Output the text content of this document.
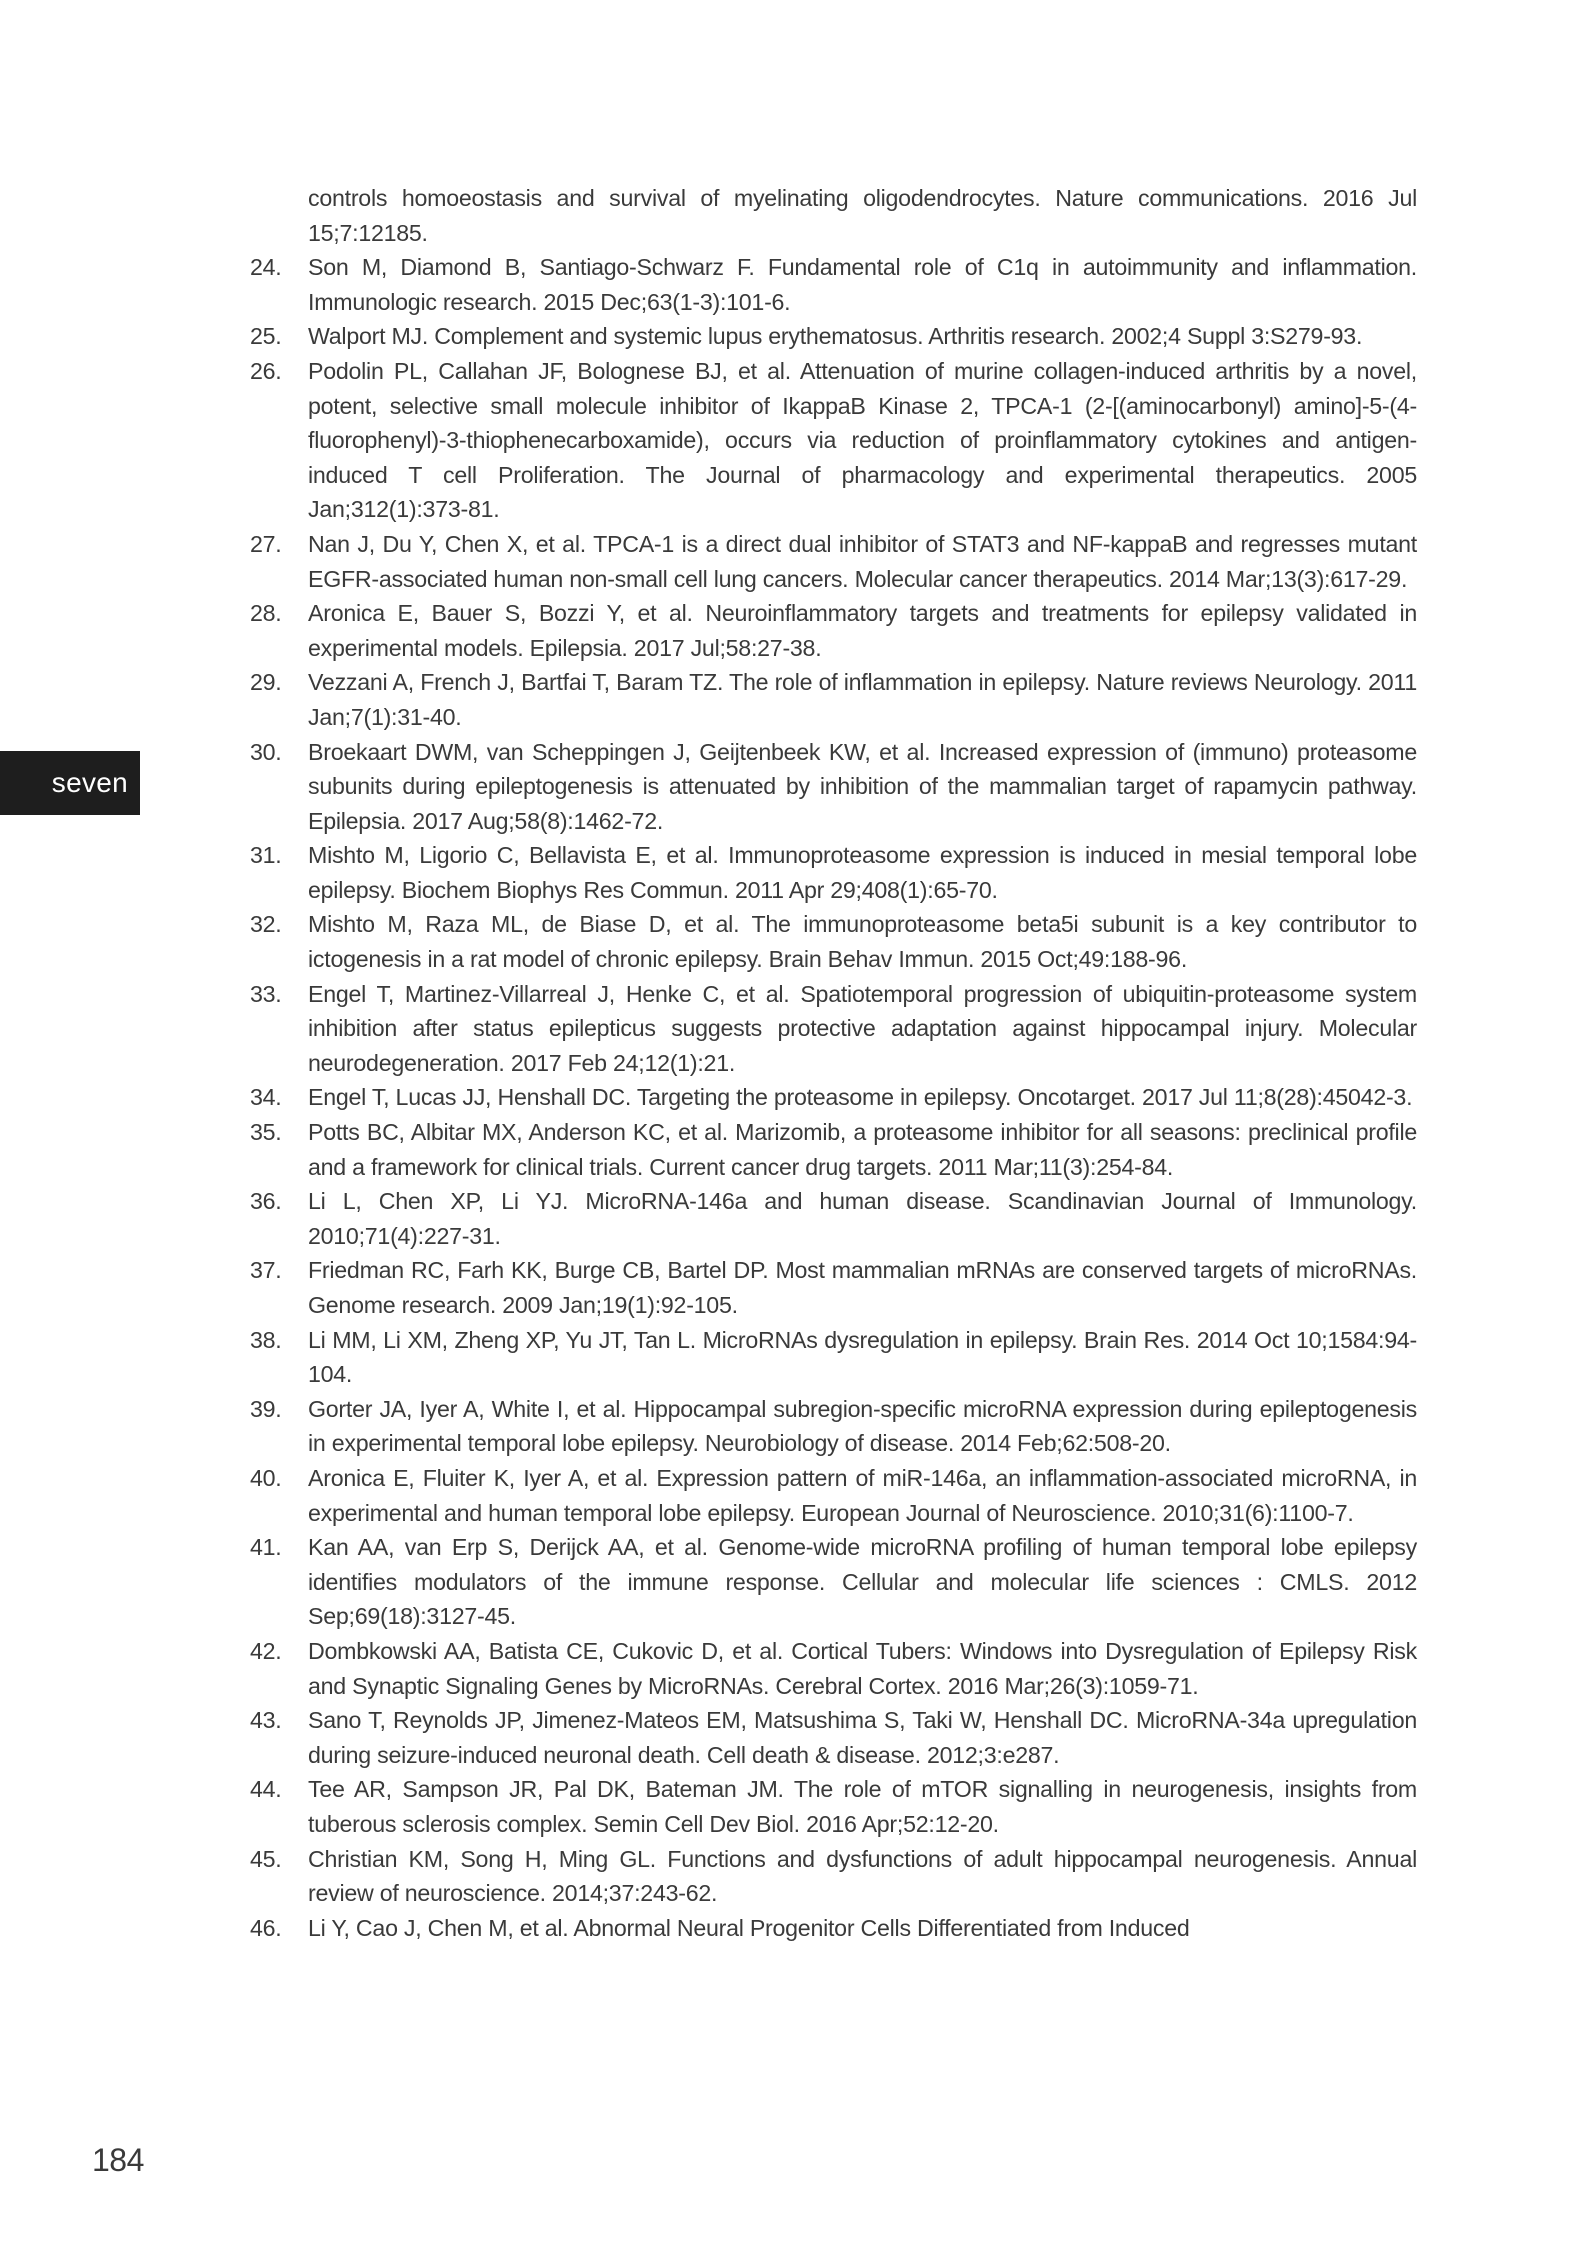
controls homoeostasis and survival of myelinating oligodendrocytes. Nature communications. 2016 Jul 15;7:12185.
24. Son M, Diamond B, Santiago-Schwarz F. Fundamental role of C1q in autoimmunity and inflammation. Immunologic research. 2015 Dec;63(1-3):101-6.
25. Walport MJ. Complement and systemic lupus erythematosus. Arthritis research. 2002;4 Suppl 3:S279-93.
26. Podolin PL, Callahan JF, Bolognese BJ, et al. Attenuation of murine collagen-induced arthritis by a novel, potent, selective small molecule inhibitor of IkappaB Kinase 2, TPCA-1 (2-[(aminocarbonyl) amino]-5-(4-fluorophenyl)-3-thiophenecarboxamide), occurs via reduction of proinflammatory cytokines and antigen-induced T cell Proliferation. The Journal of pharmacology and experimental therapeutics. 2005 Jan;312(1):373-81.
27. Nan J, Du Y, Chen X, et al. TPCA-1 is a direct dual inhibitor of STAT3 and NF-kappaB and regresses mutant EGFR-associated human non-small cell lung cancers. Molecular cancer therapeutics. 2014 Mar;13(3):617-29.
28. Aronica E, Bauer S, Bozzi Y, et al. Neuroinflammatory targets and treatments for epilepsy validated in experimental models. Epilepsia. 2017 Jul;58:27-38.
29. Vezzani A, French J, Bartfai T, Baram TZ. The role of inflammation in epilepsy. Nature reviews Neurology. 2011 Jan;7(1):31-40.
30. Broekaart DWM, van Scheppingen J, Geijtenbeek KW, et al. Increased expression of (immuno) proteasome subunits during epileptogenesis is attenuated by inhibition of the mammalian target of rapamycin pathway. Epilepsia. 2017 Aug;58(8):1462-72.
31. Mishto M, Ligorio C, Bellavista E, et al. Immunoproteasome expression is induced in mesial temporal lobe epilepsy. Biochem Biophys Res Commun. 2011 Apr 29;408(1):65-70.
32. Mishto M, Raza ML, de Biase D, et al. The immunoproteasome beta5i subunit is a key contributor to ictogenesis in a rat model of chronic epilepsy. Brain Behav Immun. 2015 Oct;49:188-96.
33. Engel T, Martinez-Villarreal J, Henke C, et al. Spatiotemporal progression of ubiquitin-proteasome system inhibition after status epilepticus suggests protective adaptation against hippocampal injury. Molecular neurodegeneration. 2017 Feb 24;12(1):21.
34. Engel T, Lucas JJ, Henshall DC. Targeting the proteasome in epilepsy. Oncotarget. 2017 Jul 11;8(28):45042-3.
35. Potts BC, Albitar MX, Anderson KC, et al. Marizomib, a proteasome inhibitor for all seasons: preclinical profile and a framework for clinical trials. Current cancer drug targets. 2011 Mar;11(3):254-84.
36. Li L, Chen XP, Li YJ. MicroRNA-146a and human disease. Scandinavian Journal of Immunology. 2010;71(4):227-31.
37. Friedman RC, Farh KK, Burge CB, Bartel DP. Most mammalian mRNAs are conserved targets of microRNAs. Genome research. 2009 Jan;19(1):92-105.
38. Li MM, Li XM, Zheng XP, Yu JT, Tan L. MicroRNAs dysregulation in epilepsy. Brain Res. 2014 Oct 10;1584:94-104.
39. Gorter JA, Iyer A, White I, et al. Hippocampal subregion-specific microRNA expression during epileptogenesis in experimental temporal lobe epilepsy. Neurobiology of disease. 2014 Feb;62:508-20.
40. Aronica E, Fluiter K, Iyer A, et al. Expression pattern of miR-146a, an inflammation-associated microRNA, in experimental and human temporal lobe epilepsy. European Journal of Neuroscience. 2010;31(6):1100-7.
41. Kan AA, van Erp S, Derijck AA, et al. Genome-wide microRNA profiling of human temporal lobe epilepsy identifies modulators of the immune response. Cellular and molecular life sciences : CMLS. 2012 Sep;69(18):3127-45.
42. Dombkowski AA, Batista CE, Cukovic D, et al. Cortical Tubers: Windows into Dysregulation of Epilepsy Risk and Synaptic Signaling Genes by MicroRNAs. Cerebral Cortex. 2016 Mar;26(3):1059-71.
43. Sano T, Reynolds JP, Jimenez-Mateos EM, Matsushima S, Taki W, Henshall DC. MicroRNA-34a upregulation during seizure-induced neuronal death. Cell death & disease. 2012;3:e287.
44. Tee AR, Sampson JR, Pal DK, Bateman JM. The role of mTOR signalling in neurogenesis, insights from tuberous sclerosis complex. Semin Cell Dev Biol. 2016 Apr;52:12-20.
45. Christian KM, Song H, Ming GL. Functions and dysfunctions of adult hippocampal neurogenesis. Annual review of neuroscience. 2014;37:243-62.
46. Li Y, Cao J, Chen M, et al. Abnormal Neural Progenitor Cells Differentiated from Induced
seven
184
